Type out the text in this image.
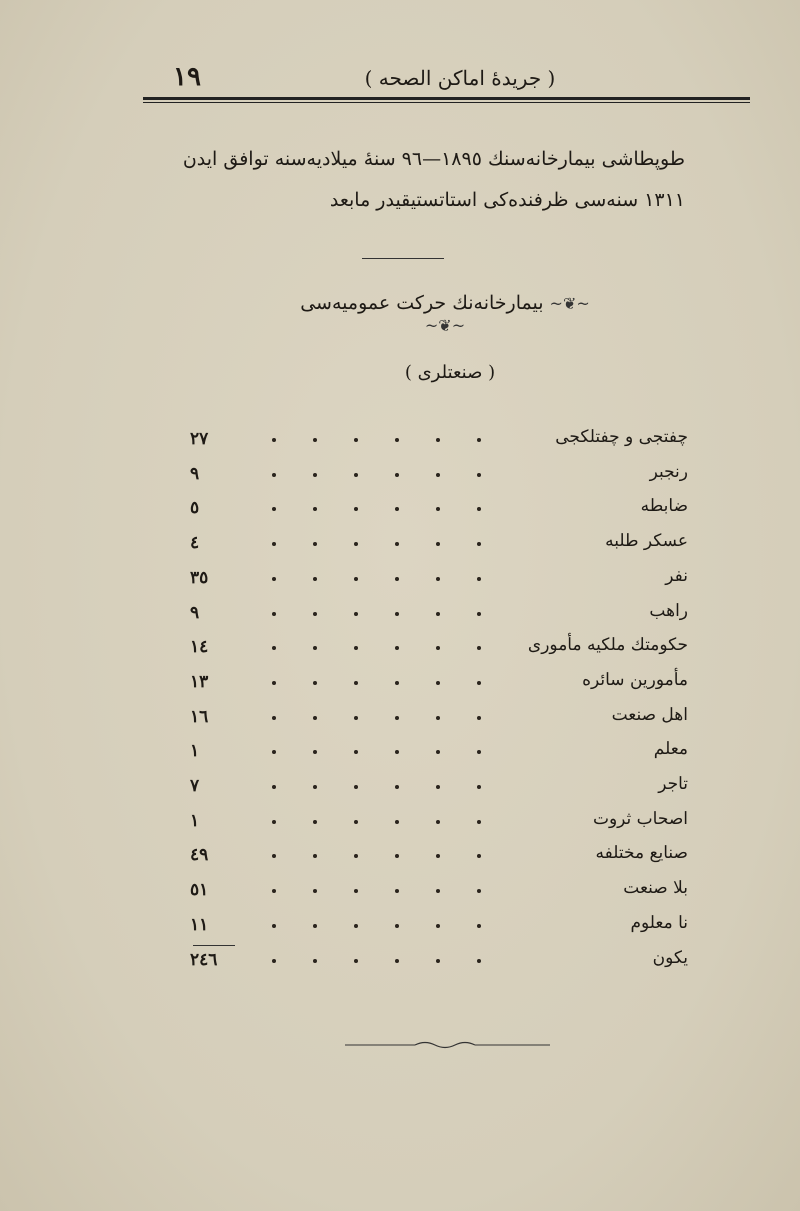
١٩	( جريدهٔ اماكن الصحه )
طوپطاشی بيمارخانه‌سنك ١٨٩٥—٩٦ سنهٔ ميلاديه‌سنه توافق ايدن
١٣١١ سنه‌سی ظرفنده‌كی استاتستيقيدر مابعد
~❦~ بيمارخانه‌نك حركت عموميه‌سی ~❦~
( صنعتلری )
٢٧	چفتجی و چفتلكجی
٩	رنجبر
٥	ضابطه
٤	عسكر طلبه
٣٥	نفر
٩	راهب
١٤	حكومتك ملكيه مأموری
١٣	مأمورين سائره
١٦	اهل صنعت
١	معلم
٧	تاجر
١	اصحاب ثروت
٤٩	صنايع مختلفه
٥١	بلا صنعت
١١	نا معلوم
٢٤٦	يكون
